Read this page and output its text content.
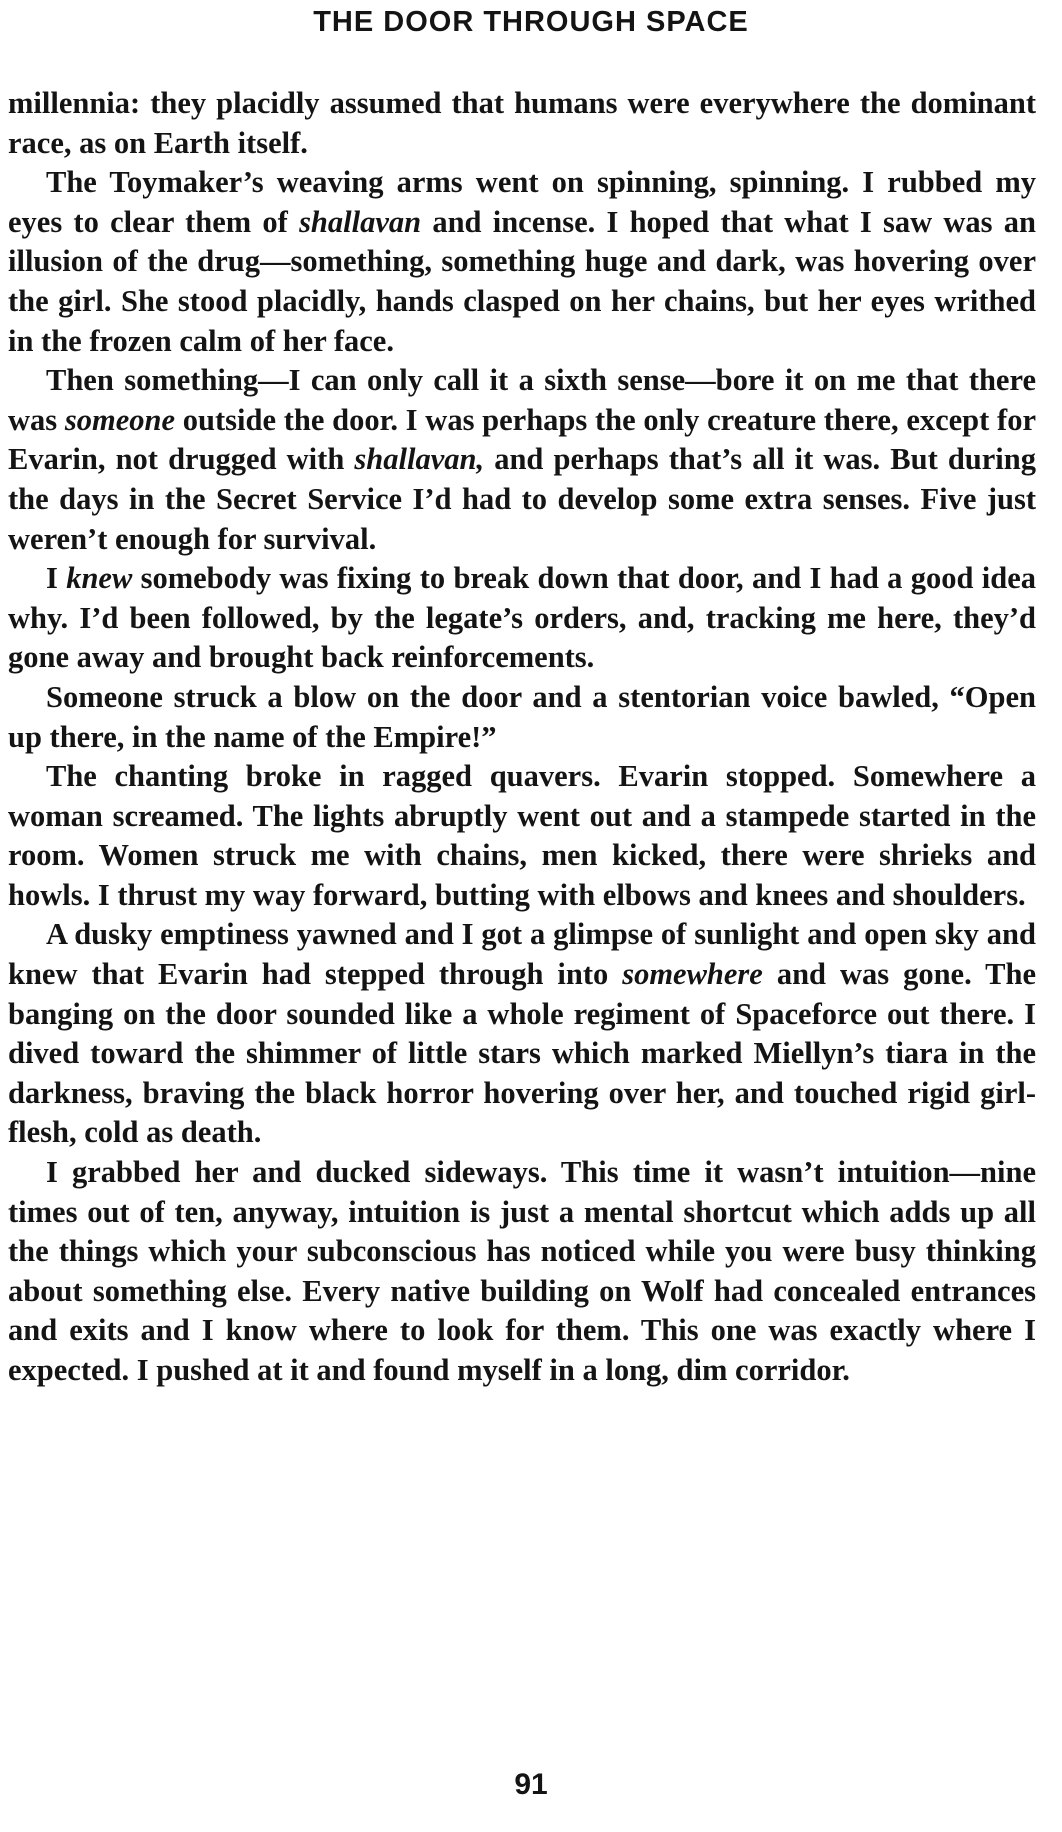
THE DOOR THROUGH SPACE

millennia: they placidly assumed that humans were everywhere the dominant race, as on Earth itself.

The Toymaker’s weaving arms went on spinning, spinning. I rubbed my eyes to clear them of shallavan and incense. I hoped that what I saw was an illusion of the drug—something, something huge and dark, was hovering over the girl. She stood placidly, hands clasped on her chains, but her eyes writhed in the frozen calm of her face.

Then something—I can only call it a sixth sense—bore it on me that there was someone outside the door. I was perhaps the only creature there, except for Evarin, not drugged with shallavan, and perhaps that’s all it was. But during the days in the Secret Service I’d had to develop some extra senses. Five just weren’t enough for survival.

I knew somebody was fixing to break down that door, and I had a good idea why. I’d been followed, by the legate’s orders, and, tracking me here, they’d gone away and brought back reinforcements.

Someone struck a blow on the door and a stentorian voice bawled, “Open up there, in the name of the Empire!”

The chanting broke in ragged quavers. Evarin stopped. Somewhere a woman screamed. The lights abruptly went out and a stampede started in the room. Women struck me with chains, men kicked, there were shrieks and howls. I thrust my way forward, butting with elbows and knees and shoulders.

A dusky emptiness yawned and I got a glimpse of sunlight and open sky and knew that Evarin had stepped through into somewhere and was gone. The banging on the door sounded like a whole regiment of Spaceforce out there. I dived toward the shimmer of little stars which marked Miellyn’s tiara in the darkness, braving the black horror hovering over her, and touched rigid girl-flesh, cold as death.

I grabbed her and ducked sideways. This time it wasn’t intuition—nine times out of ten, anyway, intuition is just a mental shortcut which adds up all the things which your subconscious has noticed while you were busy thinking about something else. Every native building on Wolf had concealed entrances and exits and I know where to look for them. This one was exactly where I expected. I pushed at it and found myself in a long, dim corridor.

91
